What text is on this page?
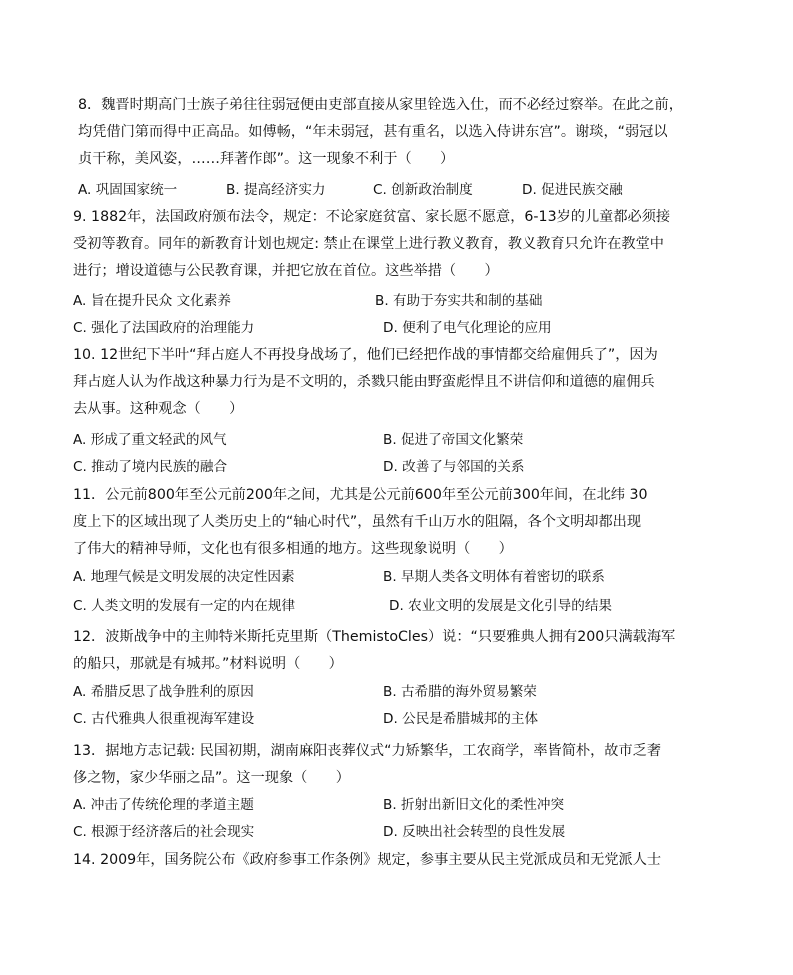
8．魏晋时期高门士族子弟往往弱冠便由吏部直接从家里铨选入仕，而不必经过察举。在此之前，
均凭借门第而得中正高品。如傅畅，“年未弱冠，甚有重名，以选入侍讲东宫”。谢琰，“弱冠以
贞干称，美风姿，……拜著作郎”。这一现象不利于（　　）
A. 巩固国家统一	B. 提高经济实力	C. 创新政治制度	D. 促进民族交融
9. 1882年，法国政府颁布法令，规定：不论家庭贫富、家长愿不愿意，6-13岁的儿童都必须接
受初等教育。同年的新教育计划也规定: 禁止在课堂上进行教义教育，教义教育只允许在教堂中
进行；增设道德与公民教育课，并把它放在首位。这些举措（　　）
A. 旨在提升民众 文化素养	B. 有助于夯实共和制的基础
C. 强化了法国政府的治理能力	D. 便利了电气化理论的应用
10. 12世纪下半叶“拜占庭人不再投身战场了，他们已经把作战的事情都交给雇佣兵了”，因为
拜占庭人认为作战这种暴力行为是不文明的，杀戮只能由野蛮彪悍且不讲信仰和道德的雇佣兵
去从事。这种观念（　　）
A. 形成了重文轻武的风气	B. 促进了帝国文化繁荣
C. 推动了境内民族的融合	D. 改善了与邻国的关系
11．公元前800年至公元前200年之间，尤其是公元前600年至公元前300年间，在北纬 30
度上下的区域出现了人类历史上的“轴心时代”，虽然有千山万水的阻隔，各个文明却都出现
了伟大的精神导师，文化也有很多相通的地方。这些现象说明（　　）
A. 地理气候是文明发展的决定性因素	B. 早期人类各文明体有着密切的联系
C. 人类文明的发展有一定的内在规律	D. 农业文明的发展是文化引导的结果
12．波斯战争中的主帅特米斯托克里斯（ThemistoCles）说：“只要雅典人拥有200只满载海军
的船只，那就是有城邦。”材料说明（　　）
A. 希腊反思了战争胜利的原因	B. 古希腊的海外贸易繁荣
C. 古代雅典人很重视海军建设	D. 公民是希腊城邦的主体
13．据地方志记载: 民国初期，湖南麻阳丧葬仪式“力矫繁华，工农商学，率皆简朴，故市乏奢
侈之物，家少华丽之品”。这一现象（　　）
A. 冲击了传统伦理的孝道主题	B. 折射出新旧文化的柔性冲突
C. 根源于经济落后的社会现实	D. 反映出社会转型的良性发展
14. 2009年，国务院公布《政府参事工作条例》规定，参事主要从民主党派成员和无党派人士
